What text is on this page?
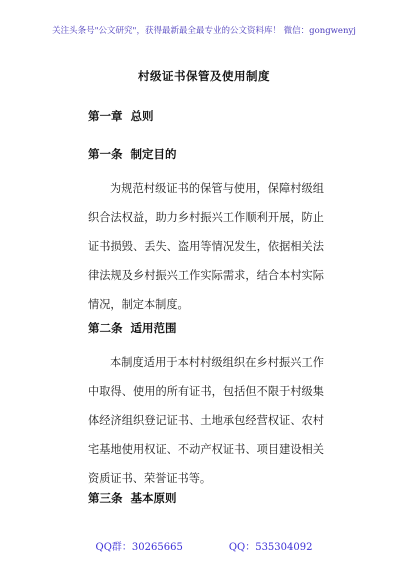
关注头条号"公文研究"，获得最新最全最专业的公文资料库！ 微信：gongwenyj
村级证书保管及使用制度
第一章 总则
第一条 制定目的
为规范村级证书的保管与使用，保障村级组织合法权益，助力乡村振兴工作顺利开展，防止证书损毁、丢失、盗用等情况发生，依据相关法律法规及乡村振兴工作实际需求，结合本村实际情况，制定本制度。
第二条 适用范围
本制度适用于本村村级组织在乡村振兴工作中取得、使用的所有证书，包括但不限于村级集体经济组织登记证书、土地承包经营权证、农村宅基地使用权证、不动产权证书、项目建设相关资质证书、荣誉证书等。
第三条 基本原则
QQ群：30265665	QQ：535304092
